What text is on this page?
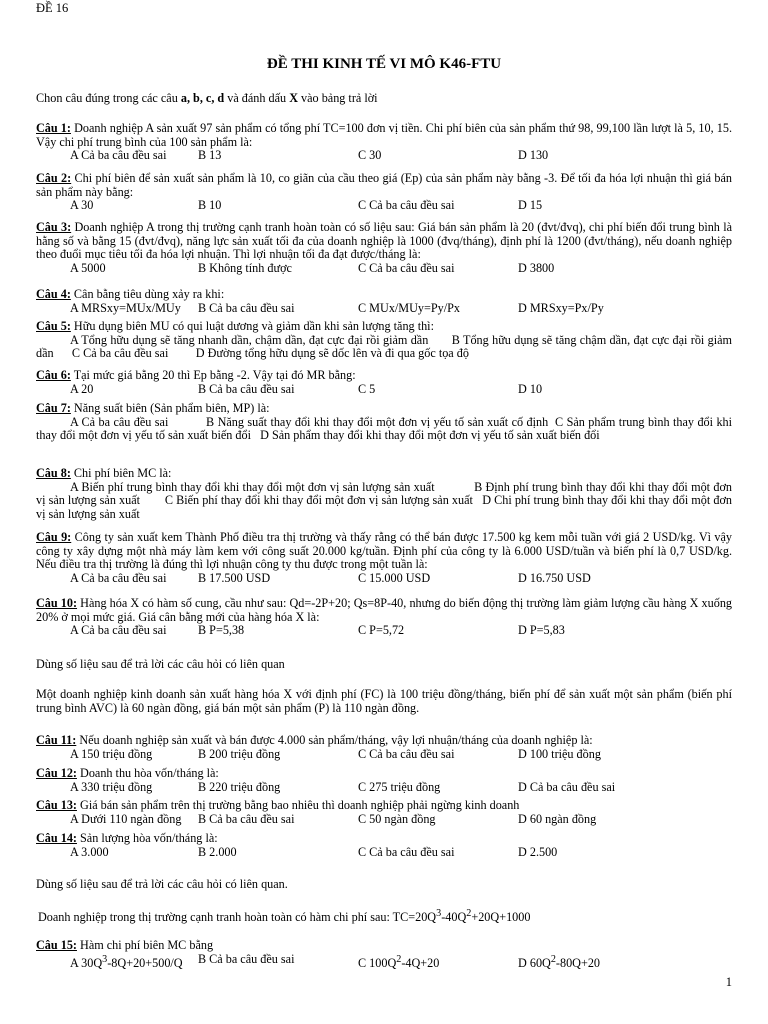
ĐỀ 16
ĐỀ THI KINH TẾ VI MÔ K46-FTU
Chon câu đúng trong các câu a, b, c, d và đánh dấu X vào bảng trả lời

Câu 1: Doanh nghiệp A sản xuất 97 sản phẩm có tổng phí TC=100 đơn vị tiền. Chi phí biên của sản phẩm thứ 98, 99,100 lần lượt là 5, 10, 15. Vậy chi phí trung bình của 100 sản phẩm là:

A Cả ba câu đều sai	B 13	C 30	D 130

Câu 2: Chi phí biên để sản xuất sản phẩm là 10, co giãn của cầu theo giá (Ep) của sản phẩm này bằng -3. Để tối đa hóa lợi nhuận thì giá bán sản phẩm này bằng:

A 30	B 10	C Cả ba câu đều sai	D 15

Câu 3: Doanh nghiệp A trong thị trường cạnh tranh hoàn toàn có số liệu sau: Giá bán sản phẩm là 20 (đvt/đvq), chi phí biến đổi trung bình là hằng số và bằng 15 (đvt/đvq), năng lực sản xuất tối đa của doanh nghiệp là 1000 (đvq/tháng), định phí là 1200 (đvt/tháng), nếu doanh nghiệp theo đuổi mục tiêu tối đa hóa lợi nhuận. Thì lợi nhuận tối đa đạt được/tháng là:

A 5000	B Không tính được	C Cả ba câu đều sai	D 3800

Câu 4: Cân bằng tiêu dùng xảy ra khi:

A MRSxy=MUx/MUy	B Cả ba câu đều sai	C MUx/MUy=Py/Px	D MRSxy=Px/Py

Câu 5: Hữu dụng biên MU có qui luật dương và giảm dần khi sản lượng tăng thì:

A Tổng hữu dụng sẽ tăng nhanh dần, chậm dần, đạt cực đại rồi giảm dần B Tổng hữu dụng sẽ tăng chậm dần, đạt cực đại rồi giảm dần C Cả ba câu đều sai D Đường tổng hữu dụng sẽ dốc lên và đi qua gốc tọa độ

Câu 6: Tại mức giá bằng 20 thì Ep bằng -2. Vậy tại đó MR bằng:

A 20	B Cả ba câu đều sai	C 5	D 10

Câu 7: Năng suất biên (Sản phẩm biên, MP) là:

A Cả ba câu đều sai	B Năng suất thay đổi khi thay đổi một đơn vị yếu tố sản xuất cố định C Sản phẩm trung bình thay đổi khi thay đổi một đơn vị yếu tố sản xuất biến đổi D Sản phẩm thay đổi khi thay đổi một đơn vị yếu tố sản xuất biến đổi

Câu 8: Chi phí biên MC là:

A Biến phí trung bình thay đổi khi thay đổi một đơn vị sản lượng sản xuất	B Định phí trung bình thay đổi khi thay đổi một đơn vị sản lượng sản xuất C Biến phí thay đổi khi thay đổi một đơn vị sản lượng sản xuất D Chi phí trung bình thay đổi khi thay đổi một đơn vị sản lượng sản xuất

Câu 9: Công ty sản xuất kem Thành Phố điều tra thị trường và thấy rằng có thể bán được 17.500 kg kem mỗi tuần với giá 2 USD/kg. Vì vậy công ty xây dựng một nhà máy làm kem với công suất 20.000 kg/tuần. Định phí của công ty là 6.000 USD/tuần và biến phí là 0,7 USD/kg. Nếu điều tra thị trường là đúng thì lợi nhuận công ty thu được trong một tuần là:

A Cả ba câu đều sai	B 17.500 USD	C 15.000 USD	D 16.750 USD

Câu 10: Hàng hóa X có hàm số cung, cầu như sau: Qd=-2P+20; Qs=8P-40, nhưng do biến động thị trường làm giảm lượng cầu hàng X xuống 20% ở mọi mức giá. Giá cân bằng mới của hàng hóa X là:

A Cả ba câu đều sai	B P=5,38	C P=5,72	D P=5,83
Dùng số liệu sau để trả lời các câu hỏi có liên quan
Một doanh nghiệp kinh doanh sản xuất hàng hóa X với định phí (FC) là 100 triệu đồng/tháng, biến phí để sản xuất một sản phẩm (biến phí trung bình AVC) là 60 ngàn đồng, giá bán một sản phẩm (P) là 110 ngàn đồng.

Câu 11: Nếu doanh nghiệp sản xuất và bán được 4.000 sản phẩm/tháng, vậy lợi nhuận/tháng của doanh nghiệp là:

A 150 triệu đồng	B 200 triệu đồng	C Cả ba câu đều sai	D 100 triệu đồng

Câu 12: Doanh thu hòa vốn/tháng là:

A 330 triệu đồng	B 220 triệu đồng	C 275 triệu đồng	D Cả ba câu đều sai

Câu 13: Giá bán sản phẩm trên thị trường bằng bao nhiêu thì doanh nghiệp phải ngừng kinh doanh

A Dưới 110 ngàn đồng	B Cả ba câu đều sai	C 50 ngàn đồng	D 60 ngàn đồng

Câu 14: Sản lượng hòa vốn/tháng là:

A 3.000	B 2.000	C Cả ba câu đều sai	D 2.500
Dùng số liệu sau để trả lời các câu hỏi có liên quan.
Doanh nghiệp trong thị trường cạnh tranh hoàn toàn có hàm chi phí sau: $TC=20Q^3-40Q^2+20Q+1000$

Câu 15: Hàm chi phí biên MC bằng

A $30Q^3-8Q+20+500/Q$	B Cả ba câu đều sai	C $100Q^2-4Q+20$	D $60Q^2-80Q+20$
1
